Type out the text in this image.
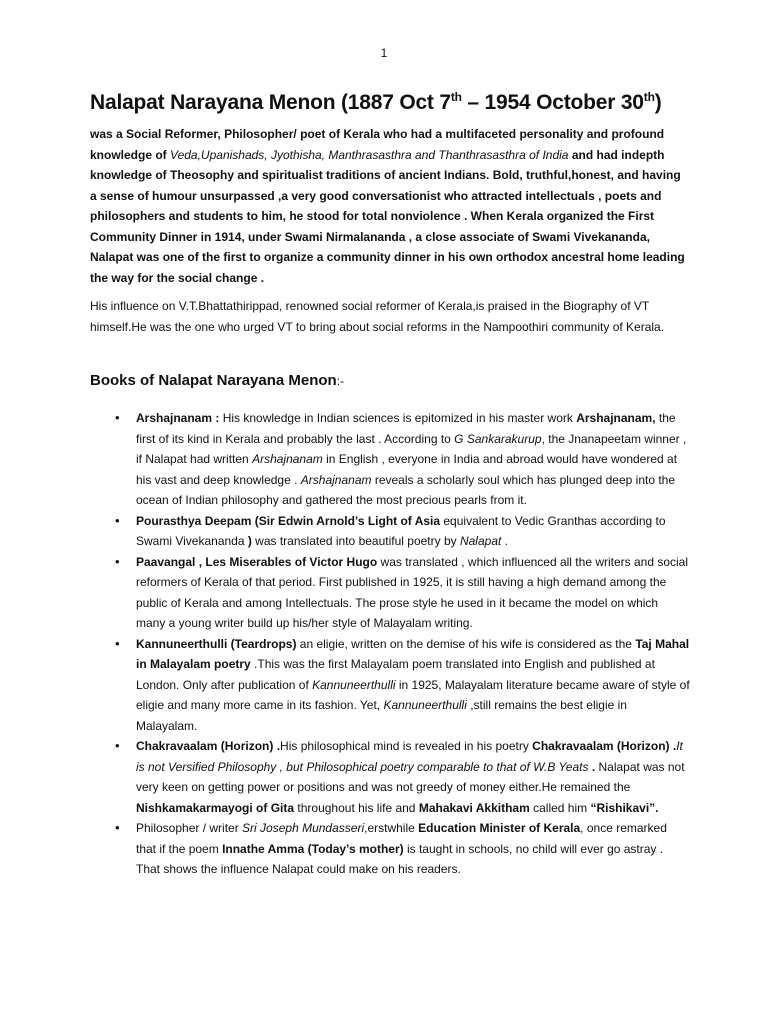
1
Nalapat Narayana Menon (1887 Oct 7th – 1954 October 30th)

was a Social Reformer, Philosopher/ poet of Kerala who had a multifaceted personality and profound knowledge of Veda,Upanishads, Jyothisha, Manthrasasthra and Thanthrasasthra of India and had indepth knowledge of Theosophy and spiritualist traditions of ancient Indians. Bold, truthful,honest, and having a sense of humour unsurpassed ,a very good conversationist who attracted intellectuals , poets and philosophers and students to him, he stood for total nonviolence . When Kerala organized the First Community Dinner in 1914, under Swami Nirmalananda , a close associate of Swami Vivekananda, Nalapat was one of the first to organize a community dinner in his own orthodox ancestral home leading the way for the social change .

His influence on V.T.Bhattathirippad, renowned social reformer of Kerala,is praised in the Biography of VT himself.He was the one who urged VT to bring about social reforms in the Nampoothiri community of Kerala.

Books of Nalapat Narayana Menon:-
• Arshajnanam : His knowledge in Indian sciences is epitomized in his master work Arshajnanam, the first of its kind in Kerala and probably the last . According to G Sankarakurup, the Jnanapeetam winner , if Nalapat had written Arshajnanam in English , everyone in India and abroad would have wondered at his vast and deep knowledge . Arshajnanam reveals a scholarly soul which has plunged deep into the ocean of Indian philosophy and gathered the most precious pearls from it.
• Pourasthya Deepam (Sir Edwin Arnold’s Light of Asia equivalent to Vedic Granthas according to Swami Vivekananda ) was translated into beautiful poetry by Nalapat .
• Paavangal , Les Miserables of Victor Hugo was translated , which influenced all the writers and social reformers of Kerala of that period. First published in 1925, it is still having a high demand among the public of Kerala and among Intellectuals. The prose style he used in it became the model on which many a young writer build up his/her style of Malayalam writing.
• Kannuneerthulli (Teardrops) an eligie, written on the demise of his wife is considered as the Taj Mahal in Malayalam poetry .This was the first Malayalam poem translated into English and published at London. Only after publication of Kannuneerthulli in 1925, Malayalam literature became aware of style of eligie and many more came in its fashion. Yet, Kannuneerthulli ,still remains the best eligie in Malayalam.
• Chakravaalam (Horizon) .His philosophical mind is revealed in his poetry Chakravaalam (Horizon) .It is not Versified Philosophy , but Philosophical poetry comparable to that of W.B Yeats . Nalapat was not very keen on getting power or positions and was not greedy of money either.He remained the Nishkamakarmayogi of Gita throughout his life and Mahakavi Akkitham called him “Rishikavi”.
• Philosopher / writer Sri Joseph Mundasseri,erstwhile Education Minister of Kerala, once remarked that if the poem Innathe Amma (Today’s mother) is taught in schools, no child will ever go astray . That shows the influence Nalapat could make on his readers.
